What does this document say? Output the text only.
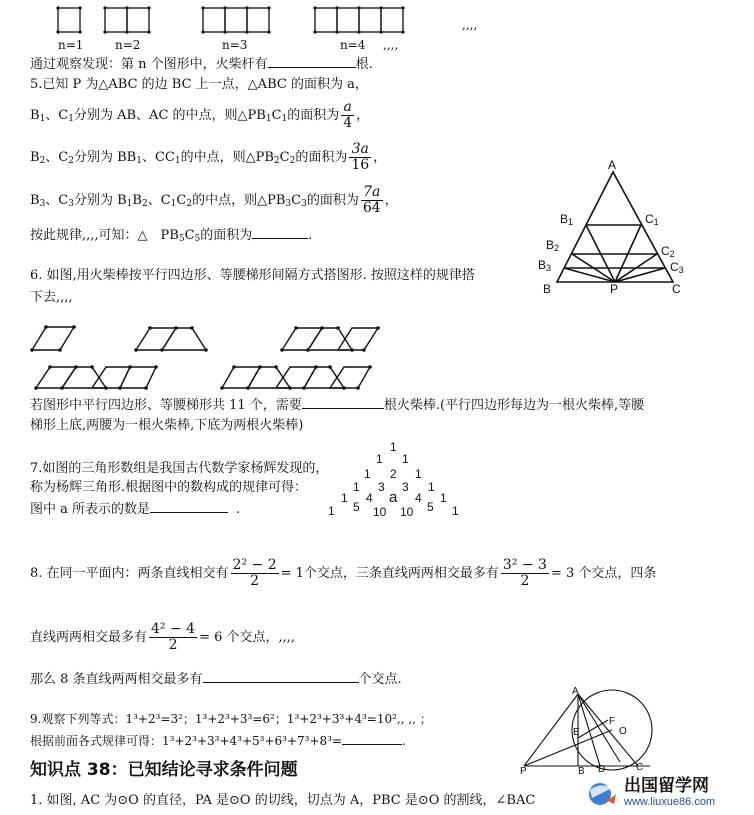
n=1	n=2	n=3	n=4 ,,,,
,,,,
通过观察发现：第 n 个图形中，火柴杆有	根.
5.已知 P 为△ABC 的边 BC 上一点，△ABC 的面积为 a，
$B_1$、$C_1$分别为 AB、AC 的中点，则$\triangle PB_1C_1$的面积为 $\frac{a}{4}$ ，
$B_2$、$C_2$分别为 $BB_1$、$CC_1$的中点，则$\triangle PB_2C_2$的面积为 $\frac{3a}{16}$ ，
$B_3$、$C_3$分别为 $B_1B_2$、$C_1C_2$的中点，则$\triangle PB_3C_3$的面积为 $\frac{7a}{64}$ ，
按此规律,,,,可知：△　$PB_5C_5$的面积为	.
A
$B_1$	$C_1$
$B_2$	$C_2$
$B_3$	$C_3$
B	P	C
6. 如图,用火柴棒按平行四边形、等腰梯形间隔方式搭图形. 按照这样的规律搭
下去,,,,
若图形中平行四边形、等腰梯形共 11 个，需要	根火柴棒.(平行四边形每边为一根火柴棒,等腰
梯形上底,两腰为一根火柴棒,下底为两根火柴棒)
7.如图的三角形数组是我国古代数学家杨辉发现的，
称为杨辉三角形.根据图中的数构成的规律可得：
图中 a 所表示的数是	.
1
1 1
1 2 1
1 3 3 1
1 4 a 4 1
1 5 10 10 5 1
8. 在同一平面内：两条直线相交有 $\frac{\text{2² − 2}}{2} = 1$个交点，三条直线两两相交最多有 $\frac{\text{3² − 3}}{2} = 3$ 个交点，四条
直线两两相交最多有 $\frac{\text{4² − 4}}{2} = 6$ 个交点，,,,,
那么 8 条直线两两相交最多有	个交点.
9.观察下列等式：1³+2³=3²；1³+2³+3³=6²；1³+2³+3³+4³=10²,, ,, ；
根据前面各式规律可得：1³+2³+3³+4³+5³+6³+7³+8³=	.
A
F
O
E
P	B D	C
知识点 38：已知结论寻求条件问题
1. 如图, AC 为⊙O 的直径，PA 是⊙O 的切线，切点为 A，PBC 是⊙O 的割线，∠BAC
出国留学网
www.liuxue86.com
